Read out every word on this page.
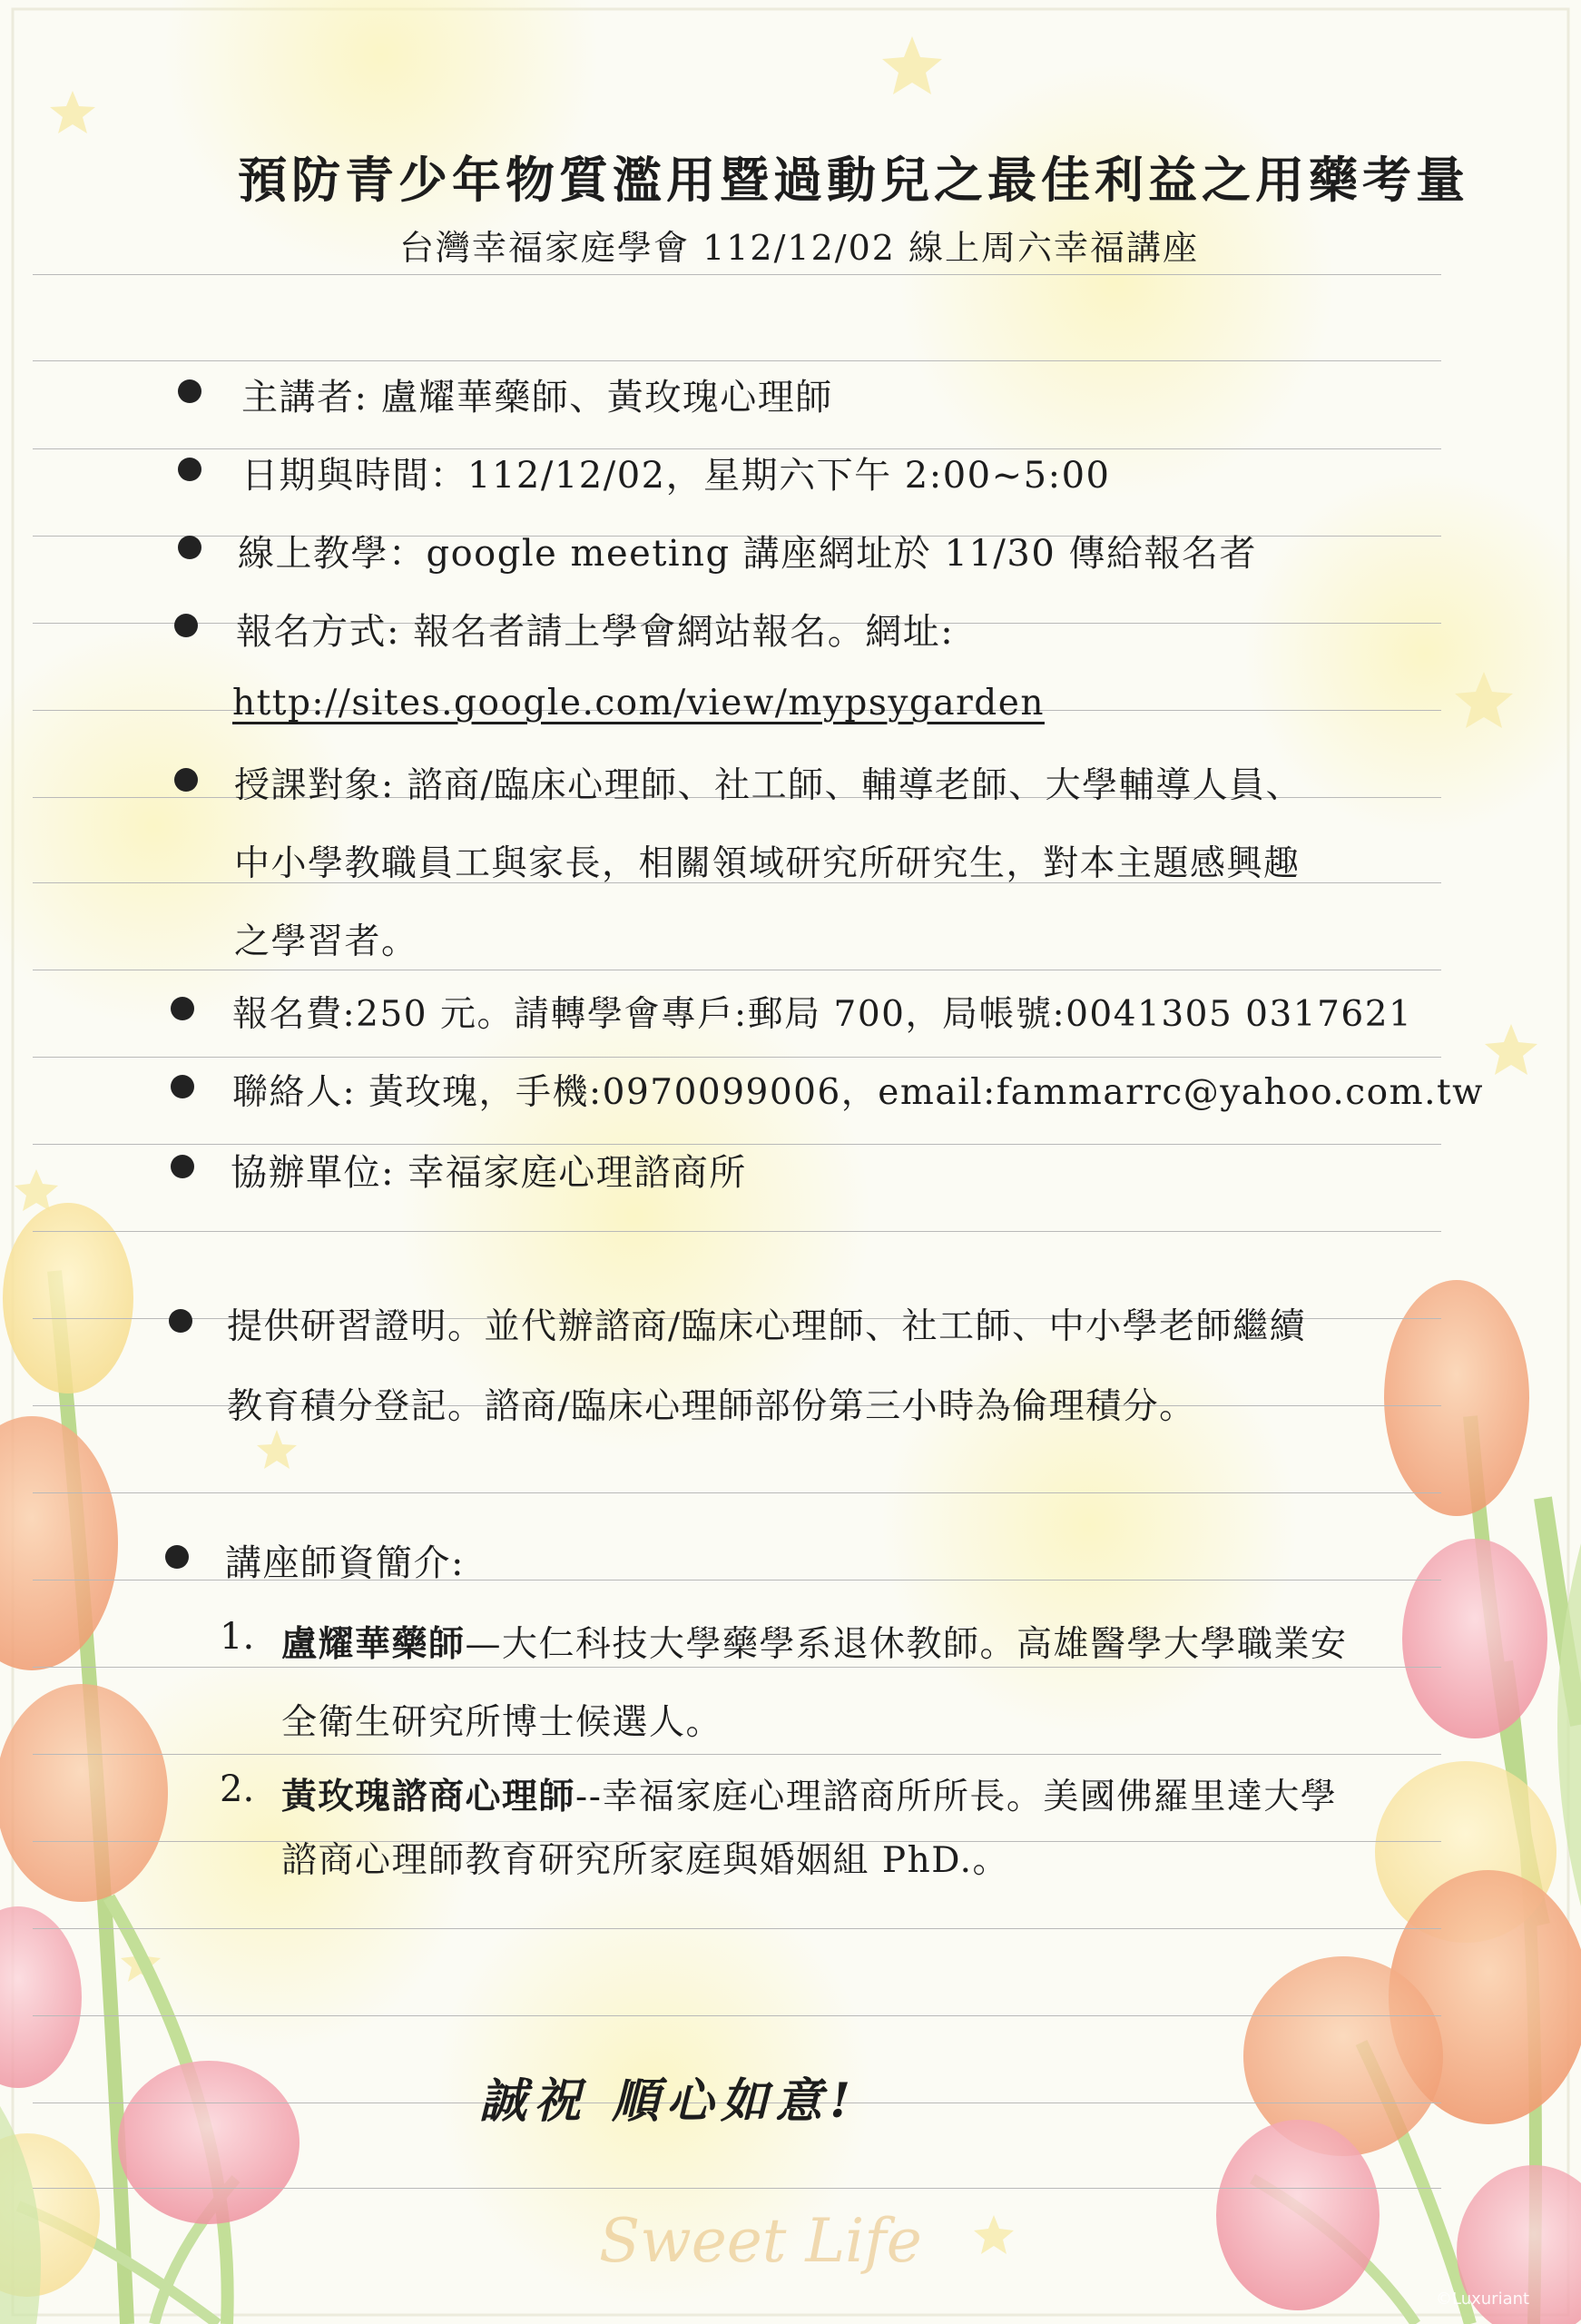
預防青少年物質濫用暨過動兒之最佳利益之用藥考量
台灣幸福家庭學會 112/12/02 線上周六幸福講座
主講者: 盧耀華藥師、黃玫瑰心理師
日期與時間：112/12/02，星期六下午 2:00~5:00
線上教學：google meeting 講座網址於 11/30 傳給報名者
報名方式: 報名者請上學會網站報名。網址:
http://sites.google.com/view/mypsygarden
授課對象: 諮商/臨床心理師、社工師、輔導老師、大學輔導人員、
中小學教職員工與家長，相關領域研究所研究生，對本主題感興趣
之學習者。
報名費:250 元。請轉學會專戶:郵局 700，局帳號:0041305 0317621
聯絡人: 黃玫瑰，手機:0970099006，email:fammarrc@yahoo.com.tw
協辦單位: 幸福家庭心理諮商所
提供研習證明。並代辦諮商/臨床心理師、社工師、中小學老師繼續
教育積分登記。諮商/臨床心理師部份第三小時為倫理積分。
講座師資簡介:
1. 盧耀華藥師—大仁科技大學藥學系退休教師。高雄醫學大學職業安
全衛生研究所博士候選人。
2. 黃玫瑰諮商心理師--幸福家庭心理諮商所所長。美國佛羅里達大學
諮商心理師教育研究所家庭與婚姻組 PhD.。
誠祝 順心如意!
Sweet Life
©Luxuriant
